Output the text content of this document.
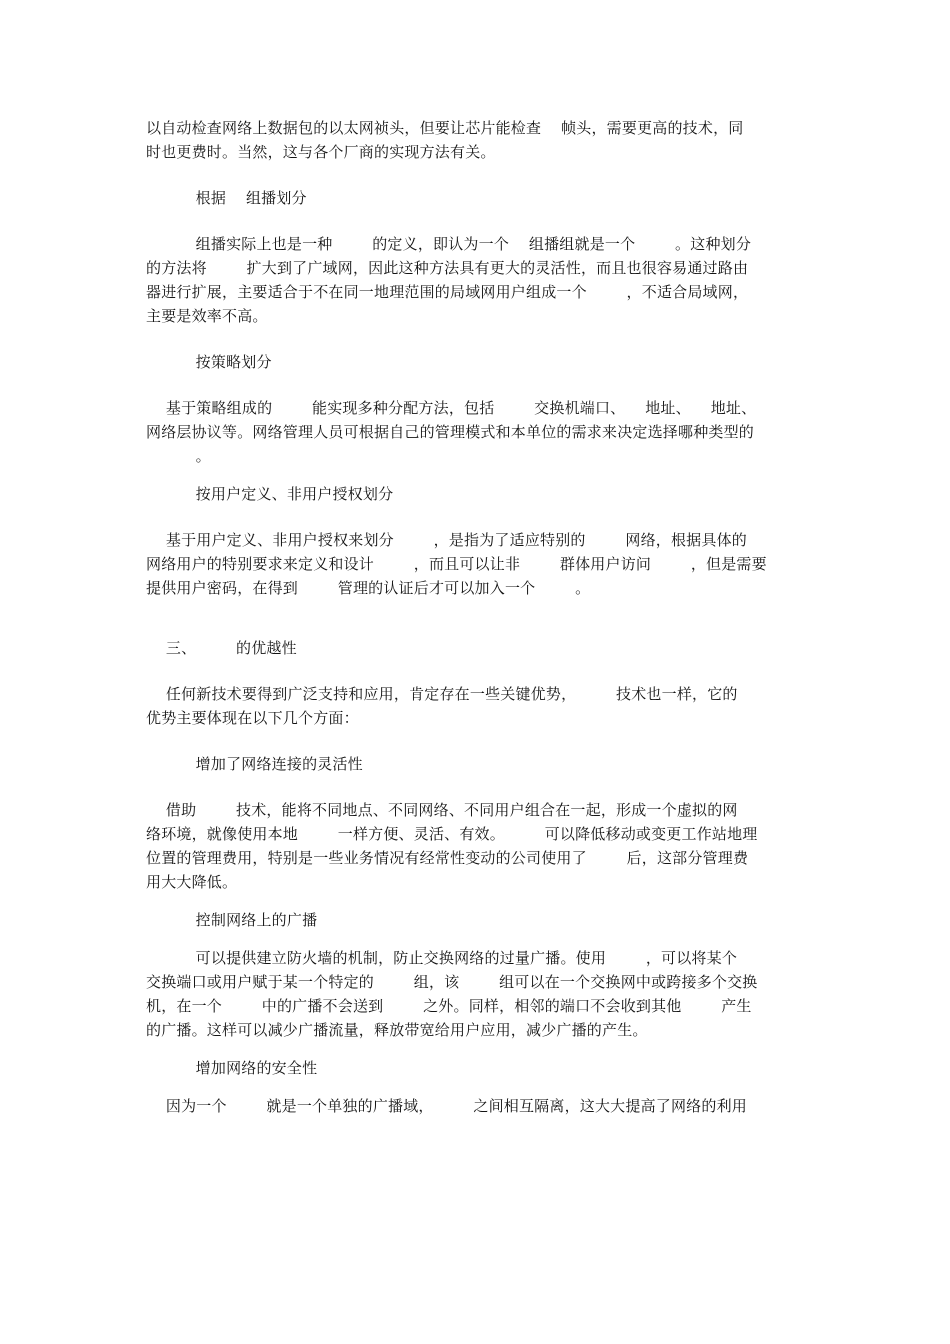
以自动检查网络上数据包的以太网祯头，但要让芯片能检查    帧头，需要更高的技术，同
时也更费时。当然，这与各个厂商的实现方法有关。
根据    组播划分
组播实际上也是一种        的定义，即认为一个    组播组就是一个        。这种划分
的方法将        扩大到了广域网，因此这种方法具有更大的灵活性，而且也很容易通过路由
器进行扩展，主要适合于不在同一地理范围的局域网用户组成一个        ，不适合局域网，
主要是效率不高。
按策略划分
基于策略组成的        能实现多种分配方法，包括        交换机端口、    地址、    地址、
网络层协议等。网络管理人员可根据自己的管理模式和本单位的需求来决定选择哪种类型的
。
按用户定义、非用户授权划分
基于用户定义、非用户授权来划分        ，是指为了适应特别的        网络，根据具体的
网络用户的特别要求来定义和设计        ，而且可以让非        群体用户访问        ，但是需要
提供用户密码，在得到        管理的认证后才可以加入一个        。
三、        的优越性
任何新技术要得到广泛支持和应用，肯定存在一些关键优势，        技术也一样，它的
优势主要体现在以下几个方面：
增加了网络连接的灵活性
借助        技术，能将不同地点、不同网络、不同用户组合在一起，形成一个虚拟的网
络环境，就像使用本地        一样方便、灵活、有效。        可以降低移动或变更工作站地理
位置的管理费用，特别是一些业务情况有经常性变动的公司使用了        后，这部分管理费
用大大降低。
控制网络上的广播
可以提供建立防火墙的机制，防止交换网络的过量广播。使用        ，可以将某个
交换端口或用户赋于某一个特定的        组，该        组可以在一个交换网中或跨接多个交换
机，在一个        中的广播不会送到        之外。同样，相邻的端口不会收到其他        产生
的广播。这样可以减少广播流量，释放带宽给用户应用，减少广播的产生。
增加网络的安全性
因为一个        就是一个单独的广播域，        之间相互隔离，这大大提高了网络的利用
